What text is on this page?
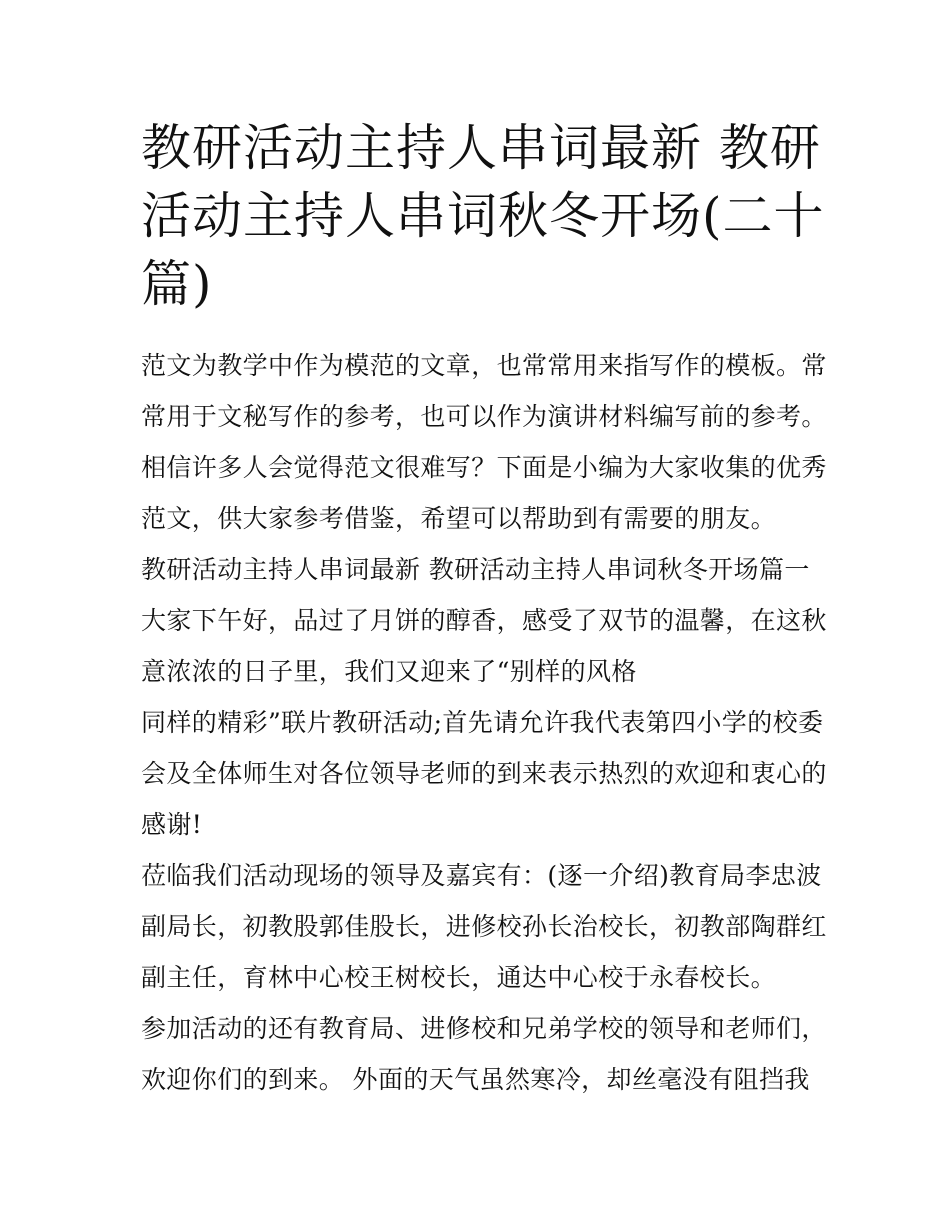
教研活动主持人串词最新 教研
活动主持人串词秋冬开场(二十
篇)

范文为教学中作为模范的文章，也常常用来指写作的模板。常
常用于文秘写作的参考，也可以作为演讲材料编写前的参考。
相信许多人会觉得范文很难写？下面是小编为大家收集的优秀
范文，供大家参考借鉴，希望可以帮助到有需要的朋友。

教研活动主持人串词最新 教研活动主持人串词秋冬开场篇一

大家下午好，品过了月饼的醇香，感受了双节的温馨，在这秋
意浓浓的日子里，我们又迎来了“别样的风格

同样的精彩”联片教研活动;首先请允许我代表第四小学的校委
会及全体师生对各位领导老师的到来表示热烈的欢迎和衷心的
感谢!

莅临我们活动现场的领导及嘉宾有：(逐一介绍)教育局李忠波
副局长，初教股郭佳股长，进修校孙长治校长，初教部陶群红
副主任，育林中心校王树校长，通达中心校于永春校长。

参加活动的还有教育局、进修校和兄弟学校的领导和老师们，
欢迎你们的到来。 外面的天气虽然寒冷，却丝毫没有阻挡我
